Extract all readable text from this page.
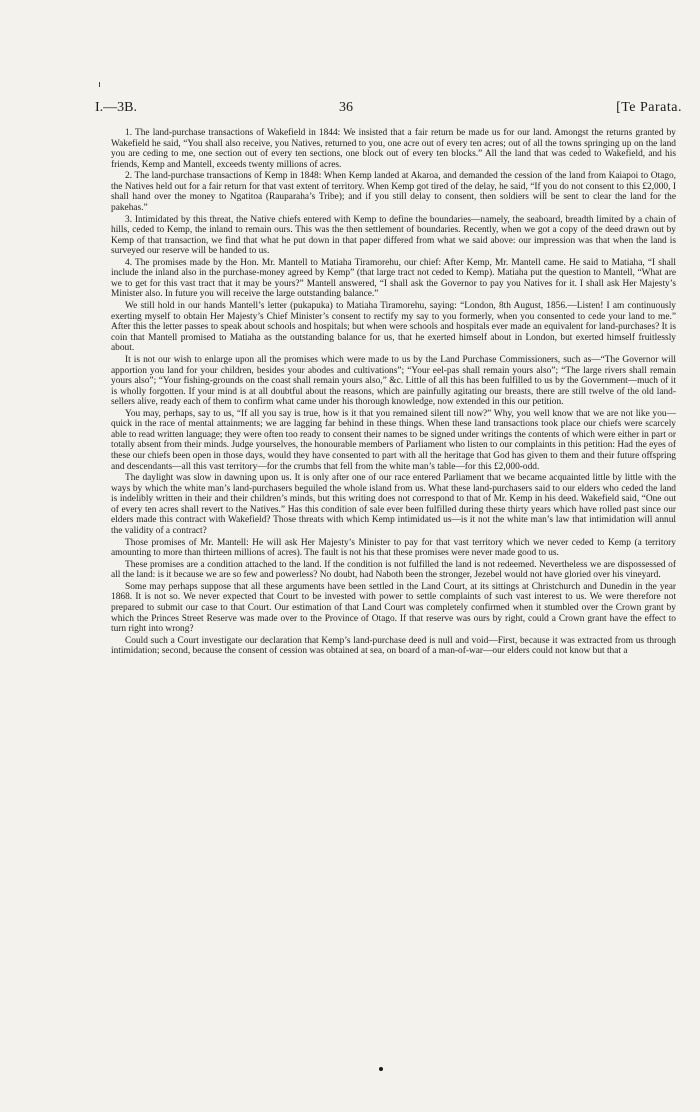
I.—3B.	36	[Te Parata.

1. The land-purchase transactions of Wakefield in 1844: We insisted that a fair return be made us for our land. Amongst the returns granted by Wakefield he said, “You shall also receive, you Natives, returned to you, one acre out of every ten acres; out of all the towns springing up on the land you are ceding to me, one section out of every ten sections, one block out of every ten blocks.” All the land that was ceded to Wakefield, and his friends, Kemp and Mantell, exceeds twenty millions of acres.

2. The land-purchase transactions of Kemp in 1848: When Kemp landed at Akaroa, and demanded the cession of the land from Kaiapoi to Otago, the Natives held out for a fair return for that vast extent of territory. When Kemp got tired of the delay, he said, “If you do not consent to this £2,000, I shall hand over the money to Ngatitoa (Rauparaha’s Tribe); and if you still delay to consent, then soldiers will be sent to clear the land for the pakehas.”

3. Intimidated by this threat, the Native chiefs entered with Kemp to define the boundaries—namely, the seaboard, breadth limited by a chain of hills, ceded to Kemp, the inland to remain ours. This was the then settlement of boundaries. Recently, when we got a copy of the deed drawn out by Kemp of that transaction, we find that what he put down in that paper differed from what we said above: our impression was that when the land is surveyed our reserve will be handed to us.

4. The promises made by the Hon. Mr. Mantell to Matiaha Tiramorehu, our chief: After Kemp, Mr. Mantell came. He said to Matiaha, “I shall include the inland also in the purchase-money agreed by Kemp” (that large tract not ceded to Kemp). Matiaha put the question to Mantell, “What are we to get for this vast tract that it may be yours?” Mantell answered, “I shall ask the Governor to pay you Natives for it. I shall ask Her Majesty’s Minister also. In future you will receive the large outstanding balance.”

We still hold in our hands Mantell’s letter (pukapuka) to Matiaha Tiramorehu, saying: “London, 8th August, 1856.—Listen! I am continuously exerting myself to obtain Her Majesty’s Chief Minister’s consent to rectify my say to you formerly, when you consented to cede your land to me.” After this the letter passes to speak about schools and hospitals; but when were schools and hospitals ever made an equivalent for land-purchases? It is coin that Mantell promised to Matiaha as the outstanding balance for us, that he exerted himself about in London, but exerted himself fruitlessly about.

It is not our wish to enlarge upon all the promises which were made to us by the Land Purchase Commissioners, such as—“The Governor will apportion you land for your children, besides your abodes and cultivations”; “Your eel-pas shall remain yours also”; “The large rivers shall remain yours also”; “Your fishing-grounds on the coast shall remain yours also,” &c. Little of all this has been fulfilled to us by the Government—much of it is wholly forgotten. If your mind is at all doubtful about the reasons, which are painfully agitating our breasts, there are still twelve of the old land-sellers alive, ready each of them to confirm what came under his thorough knowledge, now extended in this our petition.

You may, perhaps, say to us, “If all you say is true, how is it that you remained silent till now?” Why, you well know that we are not like you—quick in the race of mental attainments; we are lagging far behind in these things. When these land transactions took place our chiefs were scarcely able to read written language; they were often too ready to consent their names to be signed under writings the contents of which were either in part or totally absent from their minds. Judge yourselves, the honourable members of Parliament who listen to our complaints in this petition: Had the eyes of these our chiefs been open in those days, would they have consented to part with all the heritage that God has given to them and their future offspring and descendants—all this vast territory—for the crumbs that fell from the white man’s table—for this £2,000-odd.

The daylight was slow in dawning upon us. It is only after one of our race entered Parliament that we became acquainted little by little with the ways by which the white man’s land-purchasers beguiled the whole island from us. What these land-purchasers said to our elders who ceded the land is indelibly written in their and their children’s minds, but this writing does not correspond to that of Mr. Kemp in his deed. Wakefield said, “One out of every ten acres shall revert to the Natives.” Has this condition of sale ever been fulfilled during these thirty years which have rolled past since our elders made this contract with Wakefield? Those threats with which Kemp intimidated us—is it not the white man’s law that intimidation will annul the validity of a contract?

Those promises of Mr. Mantell: He will ask Her Majesty’s Minister to pay for that vast territory which we never ceded to Kemp (a territory amounting to more than thirteen millions of acres). The fault is not his that these promises were never made good to us.

These promises are a condition attached to the land. If the condition is not fulfilled the land is not redeemed. Nevertheless we are dispossessed of all the land: is it because we are so few and powerless? No doubt, had Naboth been the stronger, Jezebel would not have gloried over his vineyard.

Some may perhaps suppose that all these arguments have been settled in the Land Court, at its sittings at Christchurch and Dunedin in the year 1868. It is not so. We never expected that Court to be invested with power to settle complaints of such vast interest to us. We were therefore not prepared to submit our case to that Court. Our estimation of that Land Court was completely confirmed when it stumbled over the Crown grant by which the Princes Street Reserve was made over to the Province of Otago. If that reserve was ours by right, could a Crown grant have the effect to turn right into wrong?

Could such a Court investigate our declaration that Kemp’s land-purchase deed is null and void—First, because it was extracted from us through intimidation; second, because the consent of cession was obtained at sea, on board of a man-of-war—our elders could not know but that a
